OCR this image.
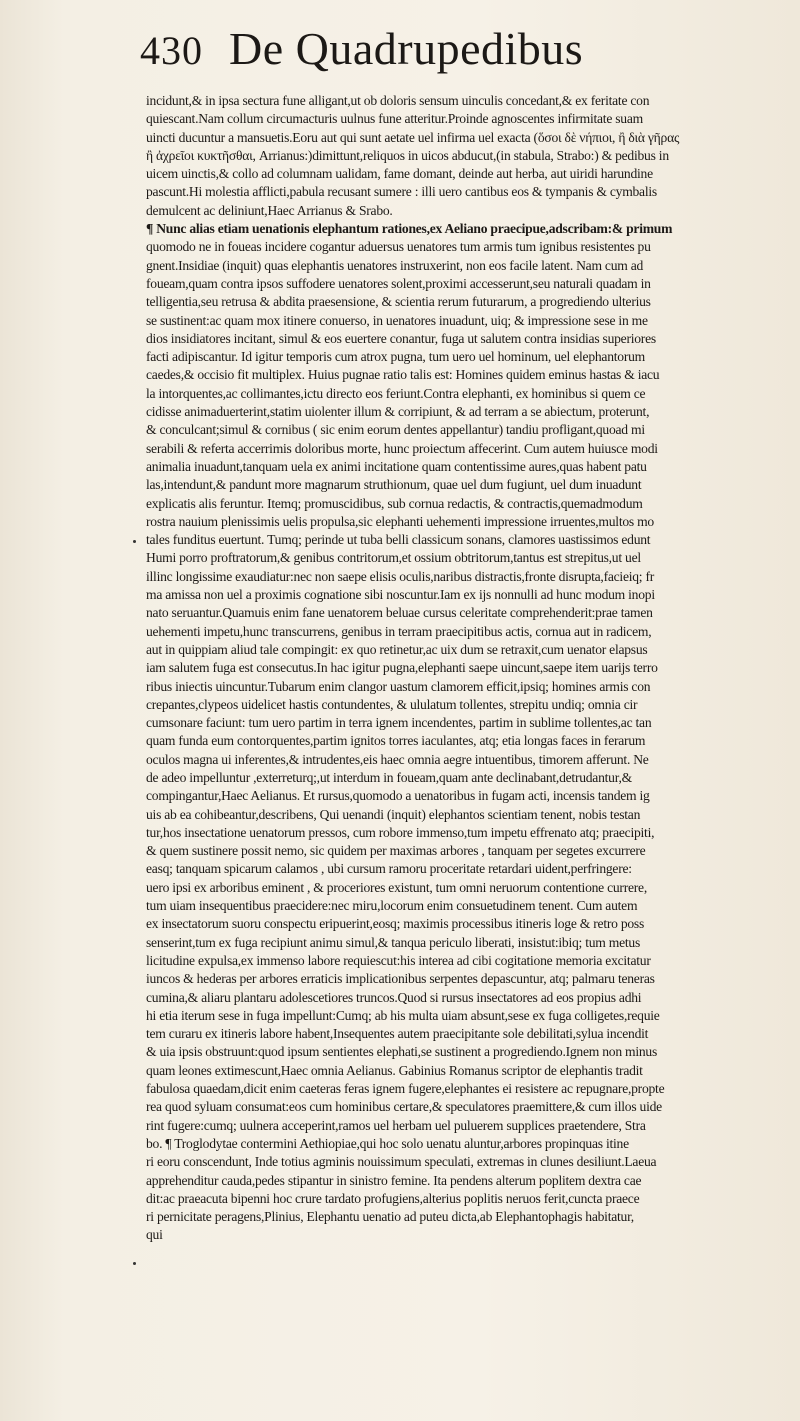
430 De Quadrupedibus
incidunt,& in ipsa sectura fune alligant,ut ob doloris sensum uinculis concedant,& ex feritate con
quiescant.Nam collum circumacturis uulnus fune atteritur.Proinde agnoscentes infirmitate suam
uincti ducuntur a mansuetis.Eoru aut qui sunt aetate uel infirma uel exacta (ὅσοι δὲ νήπιοι, ἢ διὰ γῆρας
ἢ ἀχρεῖοι κυκτῆσθαι, Arrianus:)dimittunt,reliquos in uicos abducut,(in stabula, Strabo:) & pedibus in
uicem uinctis,& collo ad columnam ualidam, fame domant, deinde aut herba, aut uiridi harundine
pascunt.Hi molestia afflicti,pabula recusant sumere : illi uero cantibus eos & tympanis & cymbalis
demulcent ac deliniunt,Haec Arrianus & Srabo.
¶ Nunc alias etiam uenationis elephantum rationes,ex Aeliano praecipue,adscribam:& primum
quomodo ne in foueas incidere cogantur aduersus uenatores tum armis tum ignibus resistentes pu
gnent.Insidiae (inquit) quas elephantis uenatores instruxerint, non eos facile latent. Nam cum ad
foueam,quam contra ipsos suffodere uenatores solent,proximi accesserunt,seu naturali quadam in
telligentia,seu retrusa & abdita praesensione, & scientia rerum futurarum, a progrediendo ulterius
se sustinent:ac quam mox itinere conuerso, in uenatores inuadunt, uiq; & impressione sese in me
dios insidiatores incitant, simul & eos euertere conantur, fuga ut salutem contra insidias superiores
facti adipiscantur. Id igitur temporis cum atrox pugna, tum uero uel hominum, uel elephantorum
caedes,& occisio fit multiplex. Huius pugnae ratio talis est: Homines quidem eminus hastas & iacu
la intorquentes,ac collimantes,ictu directo eos feriunt.Contra elephanti, ex hominibus si quem ce
cidisse animaduerterint,statim uiolenter illum & corripiunt, & ad terram a se abiectum, proterunt,
& conculcant;simul & cornibus ( sic enim eorum dentes appellantur) tandiu profligant,quoad mi
serabili & referta accerrimis doloribus morte, hunc proiectum affecerint. Cum autem huiusce modi
animalia inuadunt,tanquam uela ex animi incitatione quam contentissime aures,quas habent patu
las,intendunt,& pandunt more magnarum struthionum, quae uel dum fugiunt, uel dum inuadunt
explicatis alis feruntur. Itemq; promuscidibus, sub cornua redactis, & contractis,quemadmodum
rostra nauium plenissimis uelis propulsa,sic elephanti uehementi impressione irruentes,multos mo
tales funditus euertunt. Tumq; perinde ut tuba belli classicum sonans, clamores uastissimos edunt
Humi porro proftratorum,& genibus contritorum,et ossium obtritorum,tantus est strepitus,ut uel
illinc longissime exaudiatur:nec non saepe elisis oculis,naribus distractis,fronte disrupta,facieiq; fr
ma amissa non uel a proximis cognatione sibi noscuntur.Iam ex ijs nonnulli ad hunc modum inopi
nato seruantur.Quamuis enim fane uenatorem beluae cursus celeritate comprehenderit:prae tamen
uehementi impetu,hunc transcurrens, genibus in terram praecipitibus actis, cornua aut in radicem,
aut in quippiam aliud tale compingit: ex quo retinetur,ac uix dum se retraxit,cum uenator elapsus
iam salutem fuga est consecutus.In hac igitur pugna,elephanti saepe uincunt,saepe item uarijs terro
ribus iniectis uincuntur.Tubarum enim clangor uastum clamorem efficit,ipsiq; homines armis con
crepantes,clypeos uidelicet hastis contundentes, & ululatum tollentes, strepitu undiq; omnia cir
cumsonare faciunt: tum uero partim in terra ignem incendentes, partim in sublime tollentes,ac tan
quam funda eum contorquentes,partim ignitos torres iaculantes, atq; etia longas faces in ferarum
oculos magna ui inferentes,& intrudentes,eis haec omnia aegre intuentibus, timorem afferunt. Ne
de adeo impelluntur ,exterreturq;,ut interdum in foueam,quam ante declinabant,detrudantur,&
compingantur,Haec Aelianus. Et rursus,quomodo a uenatoribus in fugam acti, incensis tandem ig
uis ab ea cohibeantur,describens, Qui uenandi (inquit) elephantos scientiam tenent, nobis testan
tur,hos insectatione uenatorum pressos, cum robore immenso,tum impetu effrenato atq; praecipiti,
& quem sustinere possit nemo, sic quidem per maximas arbores , tanquam per segetes excurrere
easq; tanquam spicarum calamos , ubi cursum ramoru proceritate retardari uident,perfringere:
uero ipsi ex arboribus eminent , & proceriores existunt, tum omni neruorum contentione currere,
tum uiam insequentibus praecidere:nec miru,locorum enim consuetudinem tenent. Cum autem
ex insectatorum suoru conspectu eripuerint,eosq; maximis processibus itineris loge & retro poss
senserint,tum ex fuga recipiunt animu simul,& tanqua periculo liberati, insistut:ibiq; tum metus
licitudine expulsa,ex immenso labore requiescut:his interea ad cibi cogitatione memoria excitatur
iuncos & hederas per arbores erraticis implicationibus serpentes depascuntur, atq; palmaru teneras
cumina,& aliaru plantaru adolescetiores truncos.Quod si rursus insectatores ad eos propius adhi
hi etia iterum sese in fuga impellunt:Cumq; ab his multa uiam absunt,sese ex fuga colligetes,requie
tem curaru ex itineris labore habent,Insequentes autem praecipitante sole debilitati,sylua incendit
& uia ipsis obstruunt:quod ipsum sentientes elephati,se sustinent a progrediendo.Ignem non minus
quam leones extimescunt,Haec omnia Aelianus. Gabinius Romanus scriptor de elephantis tradit
fabulosa quaedam,dicit enim caeteras feras ignem fugere,elephantes ei resistere ac repugnare,propte
rea quod syluam consumat:eos cum hominibus certare,& speculatores praemittere,& cum illos uide
rint fugere:cumq; uulnera acceperint,ramos uel herbam uel puluerem supplices praetendere, Stra
bo. ¶ Troglodytae contermini Aethiopiae,qui hoc solo uenatu aluntur,arbores propinquas itine
ri eoru conscendunt, Inde totius agminis nouissimum speculati, extremas in clunes desiliunt.Laeua
apprehenditur cauda,pedes stipantur in sinistro femine. Ita pendens alterum poplitem dextra cae
dit:ac praeacuta bipenni hoc crure tardato profugiens,alterius poplitis neruos ferit,cuncta praece
ri pernicitate peragens,Plinius, Elephantu uenatio ad puteu dicta,ab Elephantophagis habitatur,
qui
